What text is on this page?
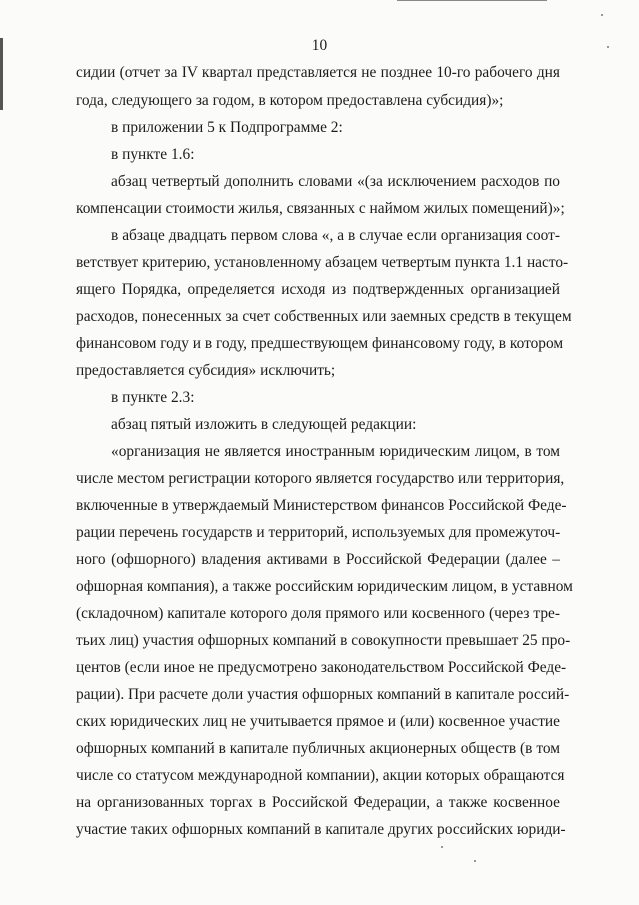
10
сидии (отчет за IV квартал представляется не позднее 10-го рабочего дня
года, следующего за годом, в котором предоставлена субсидия)»;
в приложении 5 к Подпрограмме 2:
в пункте 1.6:
абзац четвертый дополнить словами «(за исключением расходов по
компенсации стоимости жилья, связанных с наймом жилых помещений)»;
в абзаце двадцать первом слова «, а в случае если организация соот-
ветствует критерию, установленному абзацем четвертым пункта 1.1 насто-
ящего Порядка, определяется исходя из подтвержденных организацией
расходов, понесенных за счет собственных или заемных средств в текущем
финансовом году и в году, предшествующем финансовому году, в котором
предоставляется субсидия» исключить;
в пункте 2.3:
абзац пятый изложить в следующей редакции:
«организация не является иностранным юридическим лицом, в том
числе местом регистрации которого является государство или территория,
включенные в утверждаемый Министерством финансов Российской Феде-
рации перечень государств и территорий, используемых для промежуточ-
ного (офшорного) владения активами в Российской Федерации (далее –
офшорная компания), а также российским юридическим лицом, в уставном
(складочном) капитале которого доля прямого или косвенного (через тре-
тьих лиц) участия офшорных компаний в совокупности превышает 25 про-
центов (если иное не предусмотрено законодательством Российской Феде-
рации). При расчете доли участия офшорных компаний в капитале россий-
ских юридических лиц не учитывается прямое и (или) косвенное участие
офшорных компаний в капитале публичных акционерных обществ (в том
числе со статусом международной компании), акции которых обращаются
на организованных торгах в Российской Федерации, а также косвенное
участие таких офшорных компаний в капитале других российских юриди-
